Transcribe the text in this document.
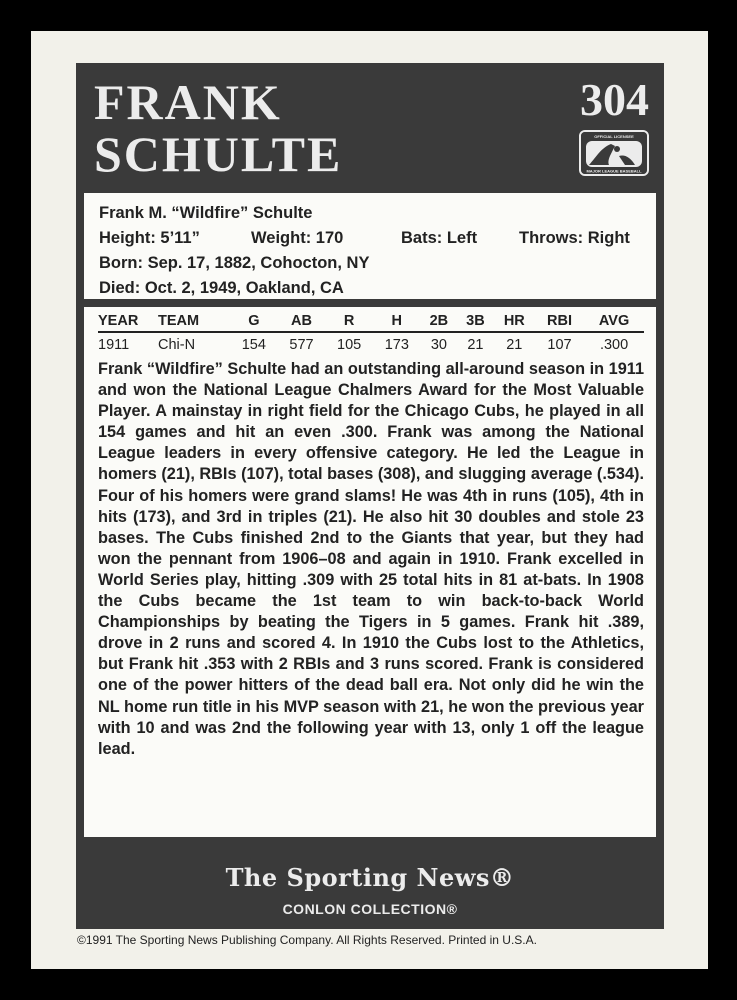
FRANK
SCHULTE
304
OFFICIAL LICENSEE
MAJOR LEAGUE BASEBALL
Frank M. “Wildfire” Schulte
Height: 5’11”	Weight: 170	Bats: Left	Throws: Right
Born: Sep. 17, 1882, Cohocton, NY
Died: Oct. 2, 1949, Oakland, CA
YEAR	TEAM	G	AB	R	H	2B	3B	HR	RBI	AVG
1911	Chi-N	154	577	105	173	30	21	21	107	.300
Frank “Wildfire” Schulte had an outstanding all-around season in 1911 and won the National League Chalmers Award for the Most Valuable Player. A mainstay in right field for the Chicago Cubs, he played in all 154 games and hit an even .300. Frank was among the National League leaders in every offensive category. He led the League in homers (21), RBIs (107), total bases (308), and slugging average (.534). Four of his homers were grand slams! He was 4th in runs (105), 4th in hits (173), and 3rd in triples (21). He also hit 30 doubles and stole 23 bases. The Cubs finished 2nd to the Giants that year, but they had won the pennant from 1906–08 and again in 1910. Frank excelled in World Series play, hitting .309 with 25 total hits in 81 at-bats. In 1908 the Cubs became the 1st team to win back-to-back World Championships by beating the Tigers in 5 games. Frank hit .389, drove in 2 runs and scored 4. In 1910 the Cubs lost to the Athletics, but Frank hit .353 with 2 RBIs and 3 runs scored. Frank is considered one of the power hitters of the dead ball era. Not only did he win the NL home run title in his MVP season with 21, he won the previous year with 10 and was 2nd the following year with 13, only 1 off the league lead.
The Sporting News®
CONLON COLLECTION®
©1991 The Sporting News Publishing Company. All Rights Reserved. Printed in U.S.A.
